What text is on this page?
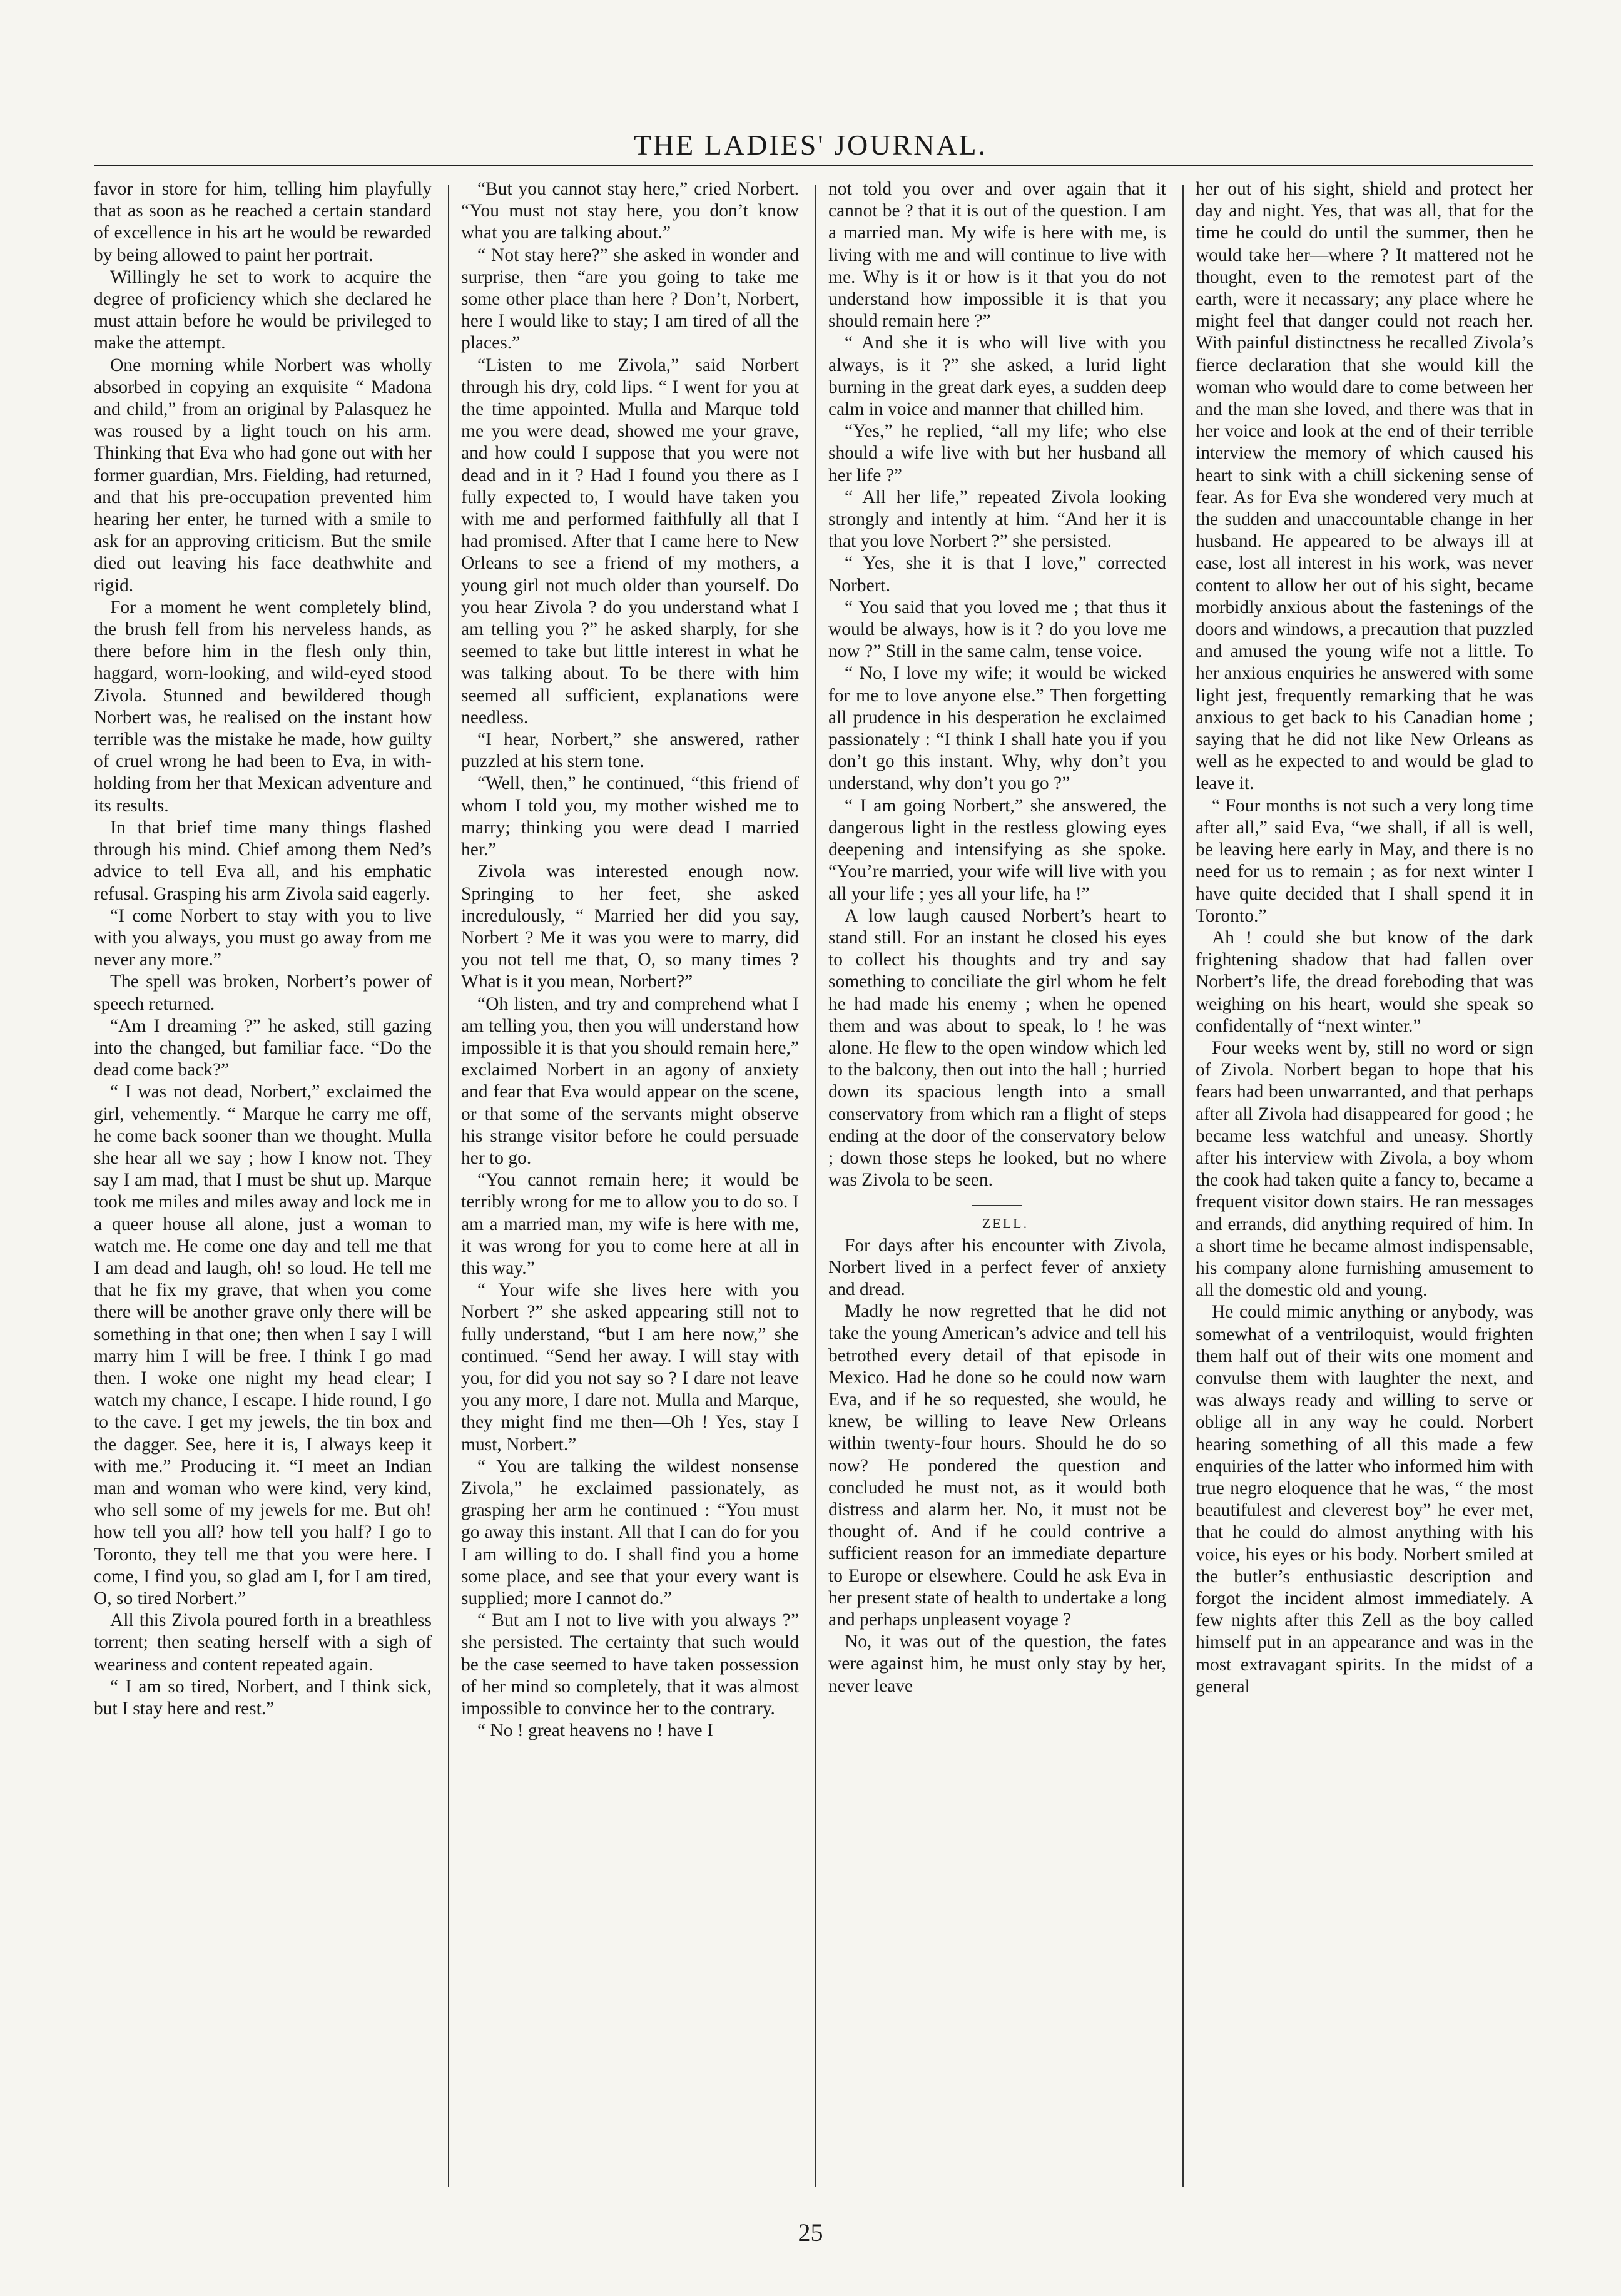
THE LADIES' JOURNAL.

favor in store for him, telling him playfully that as soon as he reached a certain standard of excellence in his art he would be rewarded by being allowed to paint her portrait.

Willingly he set to work to acquire the degree of proficiency which she declared he must attain before he would be privileged to make the attempt.

One morning while Norbert was wholly absorbed in copying an exquisite “ Madona and child,” from an original by Palasquez he was roused by a light touch on his arm. Thinking that Eva who had gone out with her former guardian, Mrs. Fielding, had returned, and that his pre-occupation prevented him hearing her enter, he turned with a smile to ask for an approving criticism. But the smile died out leaving his face deathwhite and rigid.

For a moment he went completely blind, the brush fell from his nerveless hands, as there before him in the flesh only thin, haggard, worn-looking, and wild-eyed stood Zivola. Stunned and bewildered though Norbert was, he realised on the instant how terrible was the mistake he made, how guilty of cruel wrong he had been to Eva, in with-holding from her that Mexican adventure and its results.

In that brief time many things flashed through his mind. Chief among them Ned’s advice to tell Eva all, and his emphatic refusal. Grasping his arm Zivola said eagerly.

“I come Norbert to stay with you to live with you always, you must go away from me never any more.”

The spell was broken, Norbert’s power of speech returned.

“Am I dreaming ?” he asked, still gazing into the changed, but familiar face. “Do the dead come back?”

“ I was not dead, Norbert,” exclaimed the girl, vehemently. “ Marque he carry me off, he come back sooner than we thought. Mulla she hear all we say ; how I know not. They say I am mad, that I must be shut up. Marque took me miles and miles away and lock me in a queer house all alone, just a woman to watch me. He come one day and tell me that I am dead and laugh, oh! so loud. He tell me that he fix my grave, that when you come there will be another grave only there will be something in that one; then when I say I will marry him I will be free. I think I go mad then. I woke one night my head clear; I watch my chance, I escape. I hide round, I go to the cave. I get my jewels, the tin box and the dagger. See, here it is, I always keep it with me.” Producing it. “I meet an Indian man and woman who were kind, very kind, who sell some of my jewels for me. But oh! how tell you all? how tell you half? I go to Toronto, they tell me that you were here. I come, I find you, so glad am I, for I am tired, O, so tired Norbert.”

All this Zivola poured forth in a breathless torrent; then seating herself with a sigh of weariness and content repeated again.

“ I am so tired, Norbert, and I think sick, but I stay here and rest.”

“But you cannot stay here,” cried Norbert. “You must not stay here, you don’t know what you are talking about.”

“ Not stay here?” she asked in wonder and surprise, then “are you going to take me some other place than here ? Don’t, Norbert, here I would like to stay; I am tired of all the places.”

“Listen to me Zivola,” said Norbert through his dry, cold lips. “ I went for you at the time appointed. Mulla and Marque told me you were dead, showed me your grave, and how could I suppose that you were not dead and in it ? Had I found you there as I fully expected to, I would have taken you with me and performed faithfully all that I had promised. After that I came here to New Orleans to see a friend of my mothers, a young girl not much older than yourself. Do you hear Zivola ? do you understand what I am telling you ?” he asked sharply, for she seemed to take but little interest in what he was talking about. To be there with him seemed all sufficient, explanations were needless.

“I hear, Norbert,” she answered, rather puzzled at his stern tone.

“Well, then,” he continued, “this friend of whom I told you, my mother wished me to marry; thinking you were dead I married her.”

Zivola was interested enough now. Springing to her feet, she asked incredulously, “ Married her did you say, Norbert ? Me it was you were to marry, did you not tell me that, O, so many times ? What is it you mean, Norbert?”

“Oh listen, and try and comprehend what I am telling you, then you will understand how impossible it is that you should remain here,” exclaimed Norbert in an agony of anxiety and fear that Eva would appear on the scene, or that some of the servants might observe his strange visitor before he could persuade her to go.

“You cannot remain here; it would be terribly wrong for me to allow you to do so. I am a married man, my wife is here with me, it was wrong for you to come here at all in this way.”

“ Your wife she lives here with you Norbert ?” she asked appearing still not to fully understand, “but I am here now,” she continued. “Send her away. I will stay with you, for did you not say so ? I dare not leave you any more, I dare not. Mulla and Marque, they might find me then—Oh ! Yes, stay I must, Norbert.”

“ You are talking the wildest nonsense Zivola,” he exclaimed passionately, as grasping her arm he continued : “You must go away this instant. All that I can do for you I am willing to do. I shall find you a home some place, and see that your every want is supplied; more I cannot do.”

“ But am I not to live with you always ?” she persisted. The certainty that such would be the case seemed to have taken possession of her mind so completely, that it was almost impossible to convince her to the contrary.

“ No ! great heavens no ! have I

not told you over and over again that it cannot be ? that it is out of the question. I am a married man. My wife is here with me, is living with me and will continue to live with me. Why is it or how is it that you do not understand how impossible it is that you should remain here ?”

“ And she it is who will live with you always, is it ?” she asked, a lurid light burning in the great dark eyes, a sudden deep calm in voice and manner that chilled him.

“Yes,” he replied, “all my life; who else should a wife live with but her husband all her life ?”

“ All her life,” repeated Zivola looking strongly and intently at him. “And her it is that you love Norbert ?” she persisted.

“ Yes, she it is that I love,” corrected Norbert.

“ You said that you loved me ; that thus it would be always, how is it ? do you love me now ?” Still in the same calm, tense voice.

“ No, I love my wife; it would be wicked for me to love anyone else.” Then forgetting all prudence in his desperation he exclaimed passionately : “I think I shall hate you if you don’t go this instant. Why, why don’t you understand, why don’t you go ?”

“ I am going Norbert,” she answered, the dangerous light in the restless glowing eyes deepening and intensifying as she spoke. “You’re married, your wife will live with you all your life ; yes all your life, ha !”

A low laugh caused Norbert’s heart to stand still. For an instant he closed his eyes to collect his thoughts and try and say something to conciliate the girl whom he felt he had made his enemy ; when he opened them and was about to speak, lo ! he was alone. He flew to the open window which led to the balcony, then out into the hall ; hurried down its spacious length into a small conservatory from which ran a flight of steps ending at the door of the conservatory below ; down those steps he looked, but no where was Zivola to be seen.

ZELL.

For days after his encounter with Zivola, Norbert lived in a perfect fever of anxiety and dread.

Madly he now regretted that he did not take the young American’s advice and tell his betrothed every detail of that episode in Mexico. Had he done so he could now warn Eva, and if he so requested, she would, he knew, be willing to leave New Orleans within twenty-four hours. Should he do so now? He pondered the question and concluded he must not, as it would both distress and alarm her. No, it must not be thought of. And if he could contrive a sufficient reason for an immediate departure to Europe or elsewhere. Could he ask Eva in her present state of health to undertake a long and perhaps unpleasent voyage ?

No, it was out of the question, the fates were against him, he must only stay by her, never leave

her out of his sight, shield and protect her day and night. Yes, that was all, that for the time he could do until the summer, then he would take her—where ? It mattered not he thought, even to the remotest part of the earth, were it necassary; any place where he might feel that danger could not reach her. With painful distinctness he recalled Zivola’s fierce declaration that she would kill the woman who would dare to come between her and the man she loved, and there was that in her voice and look at the end of their terrible interview the memory of which caused his heart to sink with a chill sickening sense of fear. As for Eva she wondered very much at the sudden and unaccountable change in her husband. He appeared to be always ill at ease, lost all interest in his work, was never content to allow her out of his sight, became morbidly anxious about the fastenings of the doors and windows, a precaution that puzzled and amused the young wife not a little. To her anxious enquiries he answered with some light jest, frequently remarking that he was anxious to get back to his Canadian home ; saying that he did not like New Orleans as well as he expected to and would be glad to leave it.

“ Four months is not such a very long time after all,” said Eva, “we shall, if all is well, be leaving here early in May, and there is no need for us to remain ; as for next winter I have quite decided that I shall spend it in Toronto.”

Ah ! could she but know of the dark frightening shadow that had fallen over Norbert’s life, the dread foreboding that was weighing on his heart, would she speak so confidentally of “next winter.”

Four weeks went by, still no word or sign of Zivola. Norbert began to hope that his fears had been unwarranted, and that perhaps after all Zivola had disappeared for good ; he became less watchful and uneasy. Shortly after his interview with Zivola, a boy whom the cook had taken quite a fancy to, became a frequent visitor down stairs. He ran messages and errands, did anything required of him. In a short time he became almost indispensable, his company alone furnishing amusement to all the domestic old and young.

He could mimic anything or anybody, was somewhat of a ventriloquist, would frighten them half out of their wits one moment and convulse them with laughter the next, and was always ready and willing to serve or oblige all in any way he could. Norbert hearing something of all this made a few enquiries of the latter who informed him with true negro eloquence that he was, “ the most beautifulest and cleverest boy” he ever met, that he could do almost anything with his voice, his eyes or his body. Norbert smiled at the butler’s enthusiastic description and forgot the incident almost immediately. A few nights after this Zell as the boy called himself put in an appearance and was in the most extravagant spirits. In the midst of a general

25
